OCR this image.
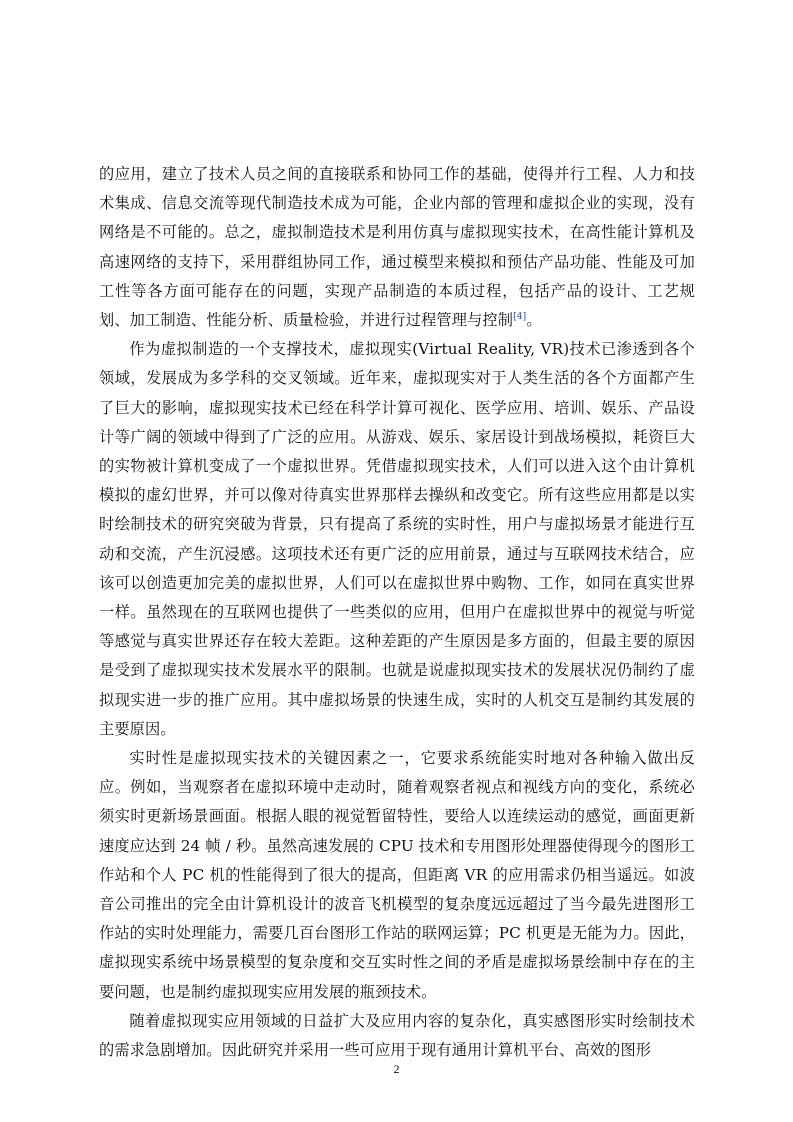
的应用，建立了技术人员之间的直接联系和协同工作的基础，使得并行工程、人力和技术集成、信息交流等现代制造技术成为可能，企业内部的管理和虚拟企业的实现，没有网络是不可能的。总之，虚拟制造技术是利用仿真与虚拟现实技术，在高性能计算机及高速网络的支持下，采用群组协同工作，通过模型来模拟和预估产品功能、性能及可加工性等各方面可能存在的问题，实现产品制造的本质过程，包括产品的设计、工艺规划、加工制造、性能分析、质量检验，并进行过程管理与控制[4]。

作为虚拟制造的一个支撑技术，虚拟现实(Virtual Reality, VR)技术已渗透到各个领域，发展成为多学科的交叉领域。近年来，虚拟现实对于人类生活的各个方面都产生了巨大的影响，虚拟现实技术已经在科学计算可视化、医学应用、培训、娱乐、产品设计等广阔的领域中得到了广泛的应用。从游戏、娱乐、家居设计到战场模拟，耗资巨大的实物被计算机变成了一个虚拟世界。凭借虚拟现实技术，人们可以进入这个由计算机模拟的虚幻世界，并可以像对待真实世界那样去操纵和改变它。所有这些应用都是以实时绘制技术的研究突破为背景，只有提高了系统的实时性，用户与虚拟场景才能进行互动和交流，产生沉浸感。这项技术还有更广泛的应用前景，通过与互联网技术结合，应该可以创造更加完美的虚拟世界，人们可以在虚拟世界中购物、工作，如同在真实世界一样。虽然现在的互联网也提供了一些类似的应用，但用户在虚拟世界中的视觉与听觉等感觉与真实世界还存在较大差距。这种差距的产生原因是多方面的，但最主要的原因是受到了虚拟现实技术发展水平的限制。也就是说虚拟现实技术的发展状况仍制约了虚拟现实进一步的推广应用。其中虚拟场景的快速生成，实时的人机交互是制约其发展的主要原因。

实时性是虚拟现实技术的关键因素之一，它要求系统能实时地对各种输入做出反应。例如，当观察者在虚拟环境中走动时，随着观察者视点和视线方向的变化，系统必须实时更新场景画面。根据人眼的视觉暂留特性，要给人以连续运动的感觉，画面更新速度应达到 24 帧 / 秒。虽然高速发展的 CPU 技术和专用图形处理器使得现今的图形工作站和个人 PC 机的性能得到了很大的提高，但距离 VR 的应用需求仍相当遥远。如波音公司推出的完全由计算机设计的波音飞机模型的复杂度远远超过了当今最先进图形工作站的实时处理能力，需要几百台图形工作站的联网运算；PC 机更是无能为力。因此，虚拟现实系统中场景模型的复杂度和交互实时性之间的矛盾是虚拟场景绘制中存在的主要问题，也是制约虚拟现实应用发展的瓶颈技术。

随着虚拟现实应用领域的日益扩大及应用内容的复杂化，真实感图形实时绘制技术的需求急剧增加。因此研究并采用一些可应用于现有通用计算机平台、高效的图形

2
